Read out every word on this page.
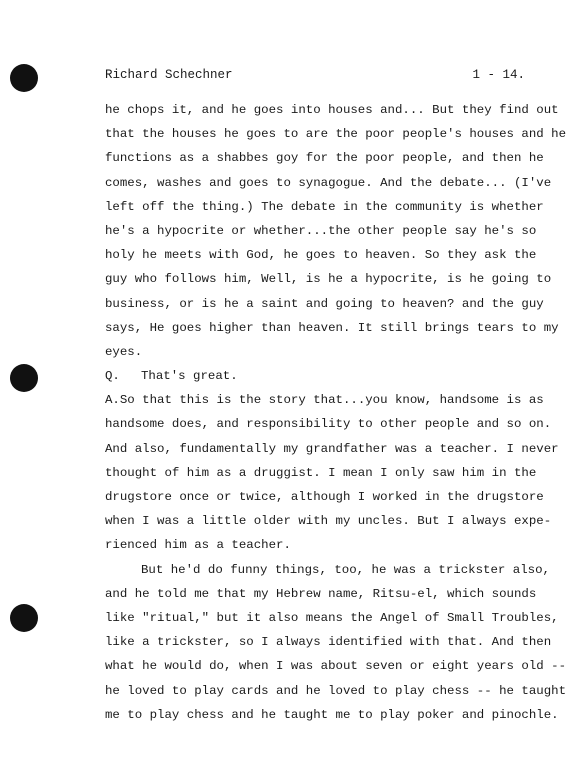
Richard Schechner	1 - 14.
he chops it, and he goes into houses and... But they find out
that the houses he goes to are the poor people's houses and he
functions as a shabbes goy for the poor people, and then he
comes, washes and goes to synagogue. And the debate... (I've
left off the thing.) The debate in the community is whether
he's a hypocrite or whether...the other people say he's so
holy he meets with God, he goes to heaven. So they ask the
guy who follows him, Well, is he a hypocrite, is he going to
business, or is he a saint and going to heaven? and the guy
says, He goes higher than heaven. It still brings tears to my
eyes.
Q. That's great.
A. So that this is the story that...you know, handsome is as
handsome does, and responsibility to other people and so on.
And also, fundamentally my grandfather was a teacher. I never
thought of him as a druggist. I mean I only saw him in the
drugstore once or twice, although I worked in the drugstore
when I was a little older with my uncles. But I always expe-
rienced him as a teacher.
But he'd do funny things, too, he was a trickster also,
and he told me that my Hebrew name, Ritsu-el, which sounds
like "ritual," but it also means the Angel of Small Troubles,
like a trickster, so I always identified with that. And then
what he would do, when I was about seven or eight years old --
he loved to play cards and he loved to play chess -- he taught
me to play chess and he taught me to play poker and pinochle.
